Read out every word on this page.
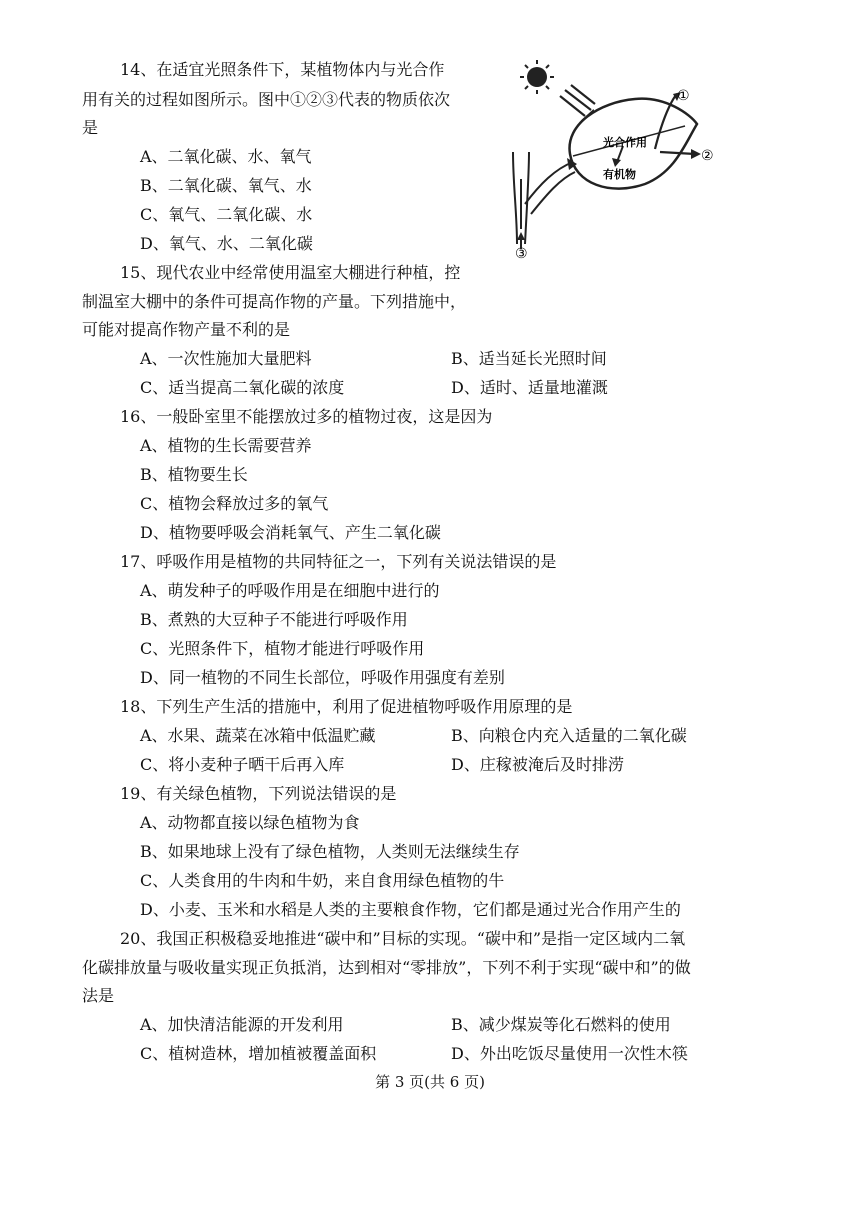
14、在适宜光照条件下，某植物体内与光合作
用有关的过程如图所示。图中①②③代表的物质依次
是
A、二氧化碳、水、氧气
B、二氧化碳、氧气、水
C、氧气、二氧化碳、水
D、氧气、水、二氧化碳
光合作用
有机物
①
②
③
15、现代农业中经常使用温室大棚进行种植，控
制温室大棚中的条件可提高作物的产量。下列措施中，
可能对提高作物产量不利的是
A、一次性施加大量肥料	B、适当延长光照时间
C、适当提高二氧化碳的浓度	D、适时、适量地灌溉
16、一般卧室里不能摆放过多的植物过夜，这是因为
A、植物的生长需要营养
B、植物要生长
C、植物会释放过多的氧气
D、植物要呼吸会消耗氧气、产生二氧化碳
17、呼吸作用是植物的共同特征之一，下列有关说法错误的是
A、萌发种子的呼吸作用是在细胞中进行的
B、煮熟的大豆种子不能进行呼吸作用
C、光照条件下，植物才能进行呼吸作用
D、同一植物的不同生长部位，呼吸作用强度有差别
18、下列生产生活的措施中，利用了促进植物呼吸作用原理的是
A、水果、蔬菜在冰箱中低温贮藏	B、向粮仓内充入适量的二氧化碳
C、将小麦种子晒干后再入库	D、庄稼被淹后及时排涝
19、有关绿色植物，下列说法错误的是
A、动物都直接以绿色植物为食
B、如果地球上没有了绿色植物，人类则无法继续生存
C、人类食用的牛肉和牛奶，来自食用绿色植物的牛
D、小麦、玉米和水稻是人类的主要粮食作物，它们都是通过光合作用产生的
20、我国正积极稳妥地推进“碳中和”目标的实现。“碳中和”是指一定区域内二氧
化碳排放量与吸收量实现正负抵消，达到相对“零排放”，下列不利于实现“碳中和”的做
法是
A、加快清洁能源的开发利用	B、减少煤炭等化石燃料的使用
C、植树造林，增加植被覆盖面积	D、外出吃饭尽量使用一次性木筷
第 3 页(共 6 页)
